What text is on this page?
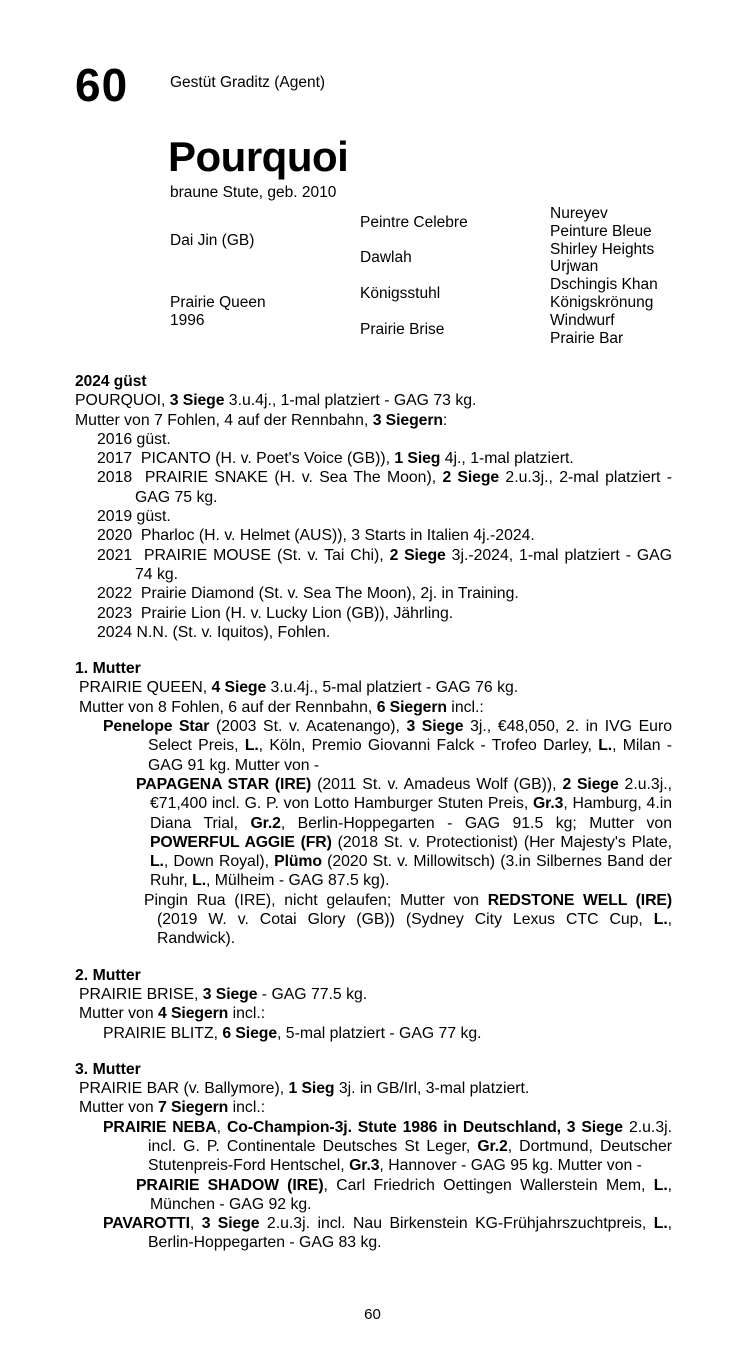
60	Gestüt Graditz (Agent)
Pourquoi
braune Stute, geb. 2010
Dai Jin (GB)
Prairie Queen
1996
Peintre Celebre
Dawlah
Königsstuhl
Prairie Brise
Nureyev
Peinture Bleue
Shirley Heights
Urjwan
Dschingis Khan
Königskrönung
Windwurf
Prairie Bar

2024 güst

POURQUOI, 3 Siege 3.u.4j., 1-mal platziert - GAG 73 kg.

Mutter von 7 Fohlen, 4 auf der Rennbahn, 3 Siegern:

2016 güst.

2017  PICANTO (H. v. Poet's Voice (GB)), 1 Sieg 4j., 1-mal platziert.

2018  PRAIRIE SNAKE (H. v. Sea The Moon), 2 Siege 2.u.3j., 2-mal platziert - GAG 75 kg.

2019 güst.

2020  Pharloc (H. v. Helmet (AUS)), 3 Starts in Italien 4j.-2024.

2021  PRAIRIE MOUSE (St. v. Tai Chi), 2 Siege 3j.-2024, 1-mal platziert - GAG 74 kg.

2022  Prairie Diamond (St. v. Sea The Moon), 2j. in Training.

2023  Prairie Lion (H. v. Lucky Lion (GB)), Jährling.

2024 N.N. (St. v. Iquitos), Fohlen.

1. Mutter

PRAIRIE QUEEN, 4 Siege 3.u.4j., 5-mal platziert - GAG 76 kg.

Mutter von 8 Fohlen, 6 auf der Rennbahn, 6 Siegern incl.:

Penelope Star (2003 St. v. Acatenango), 3 Siege 3j., €48,050, 2. in IVG Euro Select Preis, L., Köln, Premio Giovanni Falck - Trofeo Darley, L., Milan - GAG 91 kg. Mutter von -

PAPAGENA STAR (IRE) (2011 St. v. Amadeus Wolf (GB)), 2 Siege 2.u.3j., €71,400 incl. G. P. von Lotto Hamburger Stuten Preis, Gr.3, Hamburg, 4.in Diana Trial, Gr.2, Berlin-Hoppegarten - GAG 91.5 kg; Mutter von POWERFUL AGGIE (FR) (2018 St. v. Protectionist) (Her Majesty's Plate, L., Down Royal), Plümo (2020 St. v. Millowitsch) (3.in Silbernes Band der Ruhr, L., Mülheim - GAG 87.5 kg).

Pingin Rua (IRE), nicht gelaufen; Mutter von REDSTONE WELL (IRE) (2019 W. v. Cotai Glory (GB)) (Sydney City Lexus CTC Cup, L., Randwick).

2. Mutter

PRAIRIE BRISE, 3 Siege - GAG 77.5 kg.

Mutter von 4 Siegern incl.:

PRAIRIE BLITZ, 6 Siege, 5-mal platziert - GAG 77 kg.

3. Mutter

PRAIRIE BAR (v. Ballymore), 1 Sieg 3j. in GB/Irl, 3-mal platziert.

Mutter von 7 Siegern incl.:

PRAIRIE NEBA, Co-Champion-3j. Stute 1986 in Deutschland, 3 Siege 2.u.3j. incl. G. P. Continentale Deutsches St Leger, Gr.2, Dortmund, Deutscher Stutenpreis-Ford Hentschel, Gr.3, Hannover - GAG 95 kg. Mutter von -

PRAIRIE SHADOW (IRE), Carl Friedrich Oettingen Wallerstein Mem, L., München - GAG 92 kg.

PAVAROTTI, 3 Siege 2.u.3j. incl. Nau Birkenstein KG-Frühjahrszuchtpreis, L., Berlin-Hoppegarten - GAG 83 kg.

60
